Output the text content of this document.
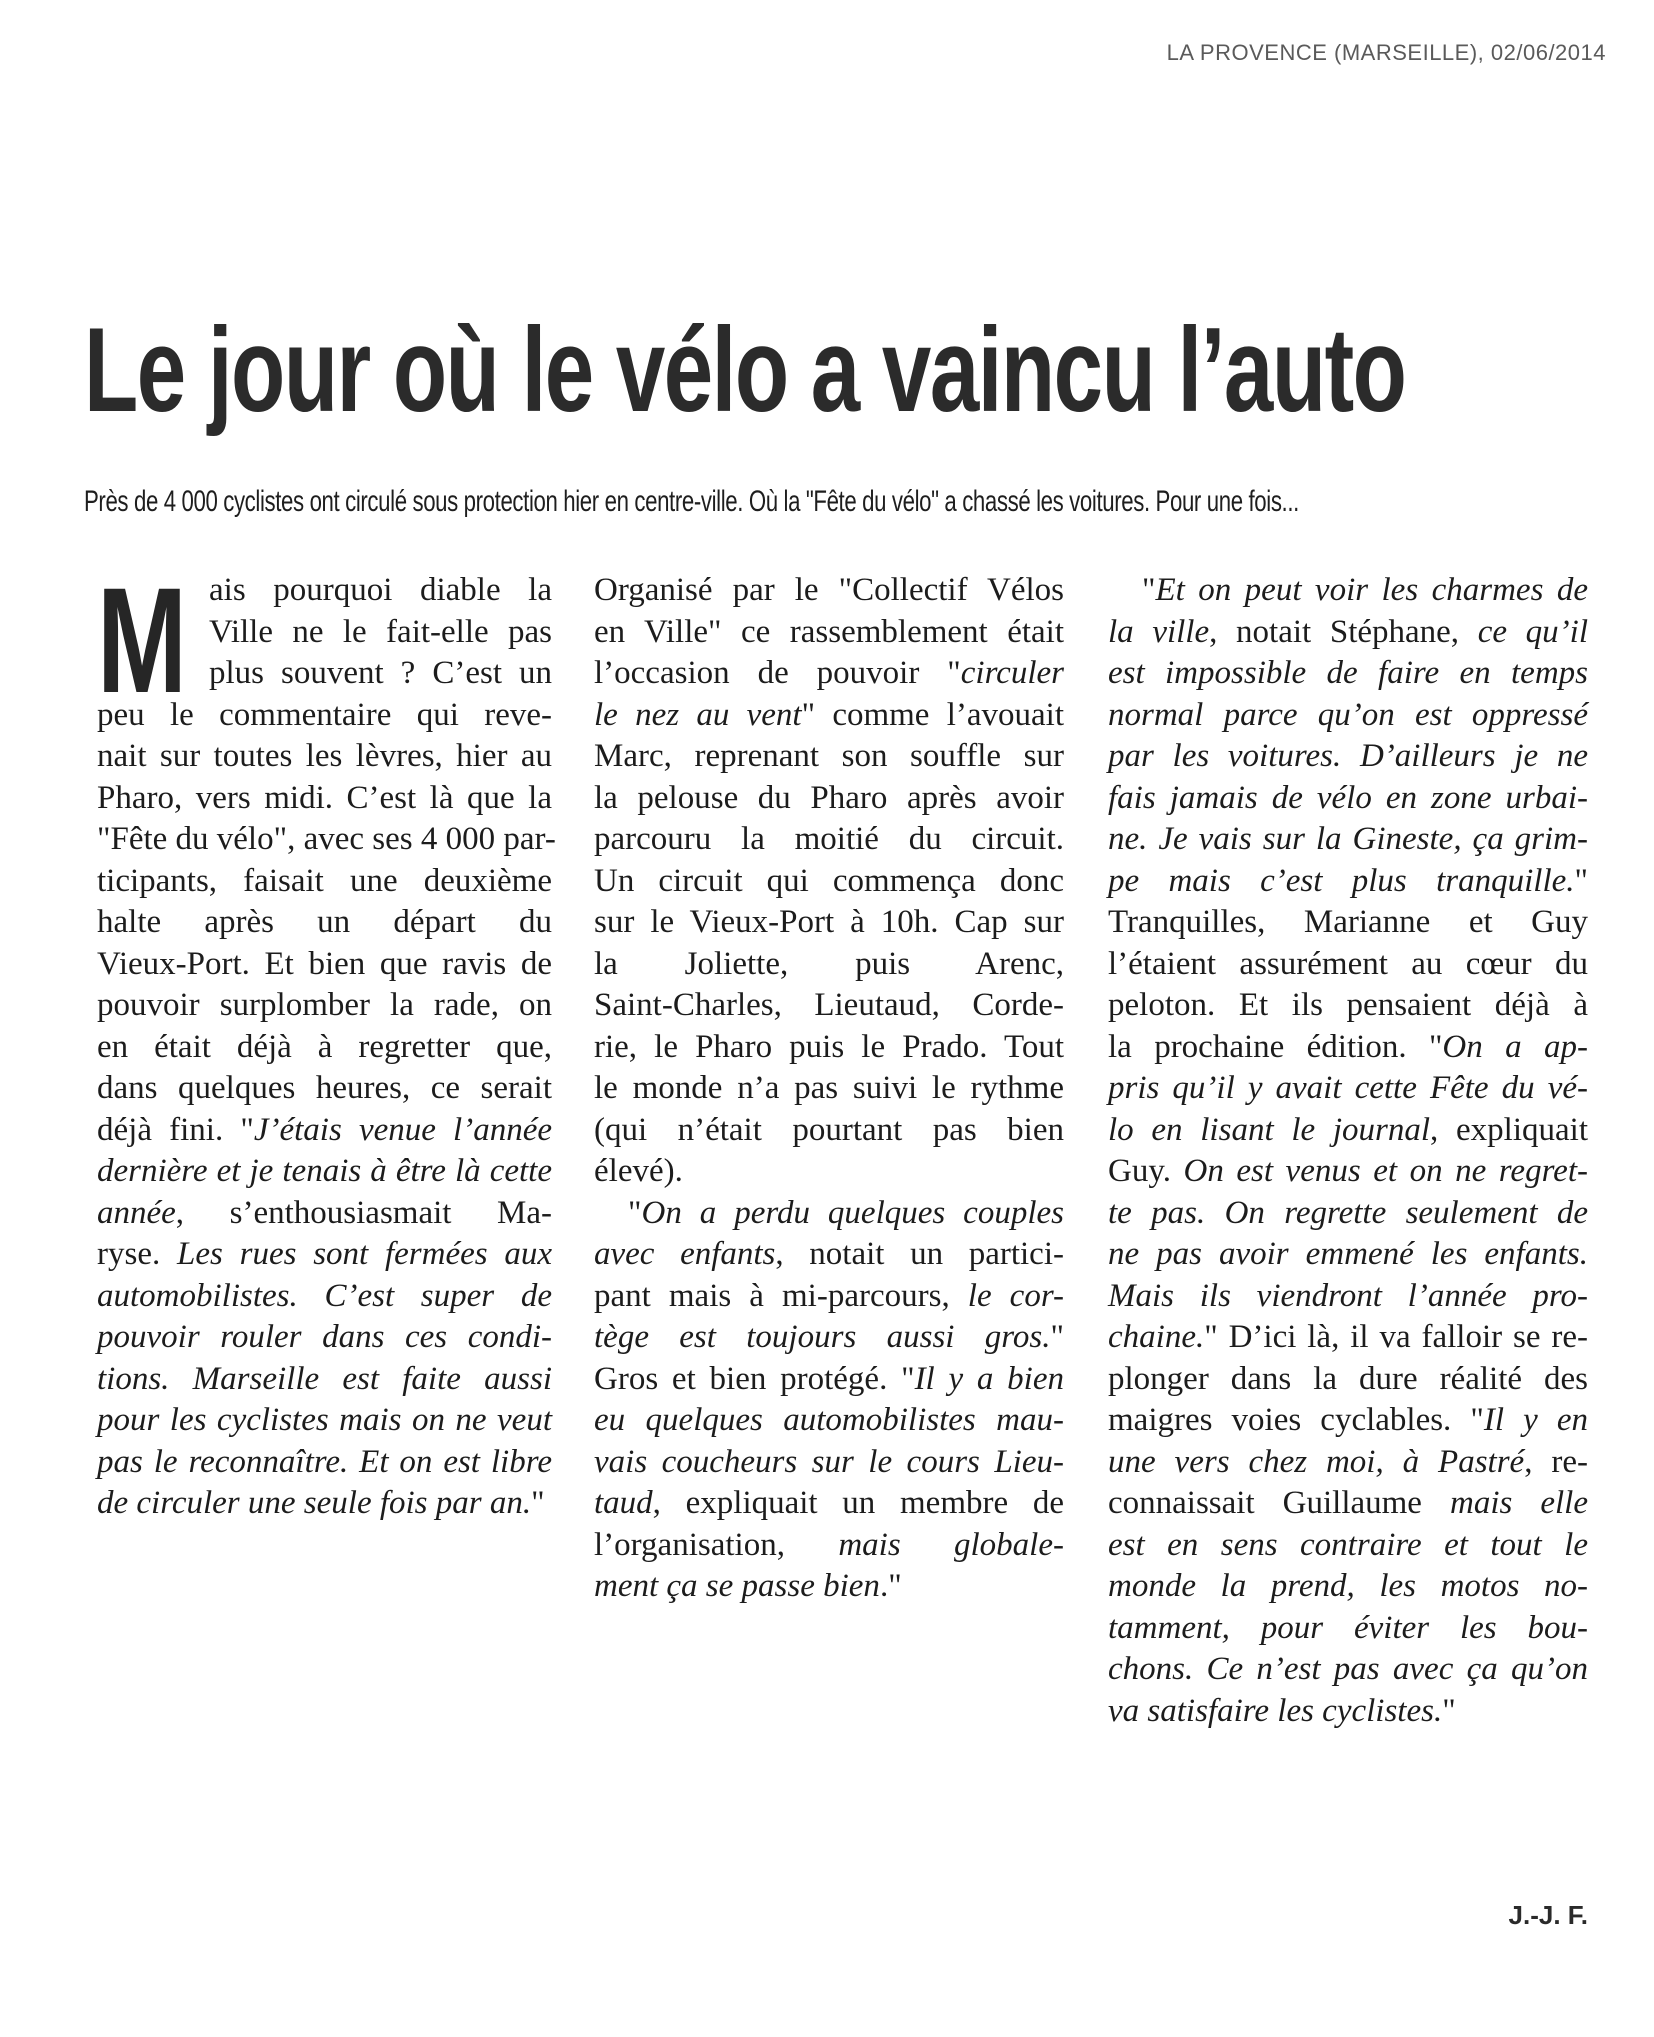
LA PROVENCE (MARSEILLE), 02/06/2014
Le jour où le vélo a vaincu l’auto
Près de 4 000 cyclistes ont circulé sous protection hier en centre-ville. Où la "Fête du vélo" a chassé les voitures. Pour une fois...
M ais pourquoi diable la
Ville ne le fait-elle pas
plus souvent ? C’est un
peu le commentaire qui reve-
nait sur toutes les lèvres, hier au
Pharo, vers midi. C’est là que la
"Fête du vélo", avec ses 4 000 par-
ticipants, faisait une deuxième
halte après un départ du
Vieux-Port. Et bien que ravis de
pouvoir surplomber la rade, on
en était déjà à regretter que,
dans quelques heures, ce serait
déjà fini. "J’étais venue l’année
dernière et je tenais à être là cette
année, s’enthousiasmait Ma-
ryse. Les rues sont fermées aux
automobilistes. C’est super de
pouvoir rouler dans ces condi-
tions. Marseille est faite aussi
pour les cyclistes mais on ne veut
pas le reconnaître. Et on est libre
de circuler une seule fois par an."
Organisé par le "Collectif Vélos
en Ville" ce rassemblement était
l’occasion de pouvoir "circuler
le nez au vent" comme l’avouait
Marc, reprenant son souffle sur
la pelouse du Pharo après avoir
parcouru la moitié du circuit.
Un circuit qui commença donc
sur le Vieux-Port à 10h. Cap sur
la Joliette, puis Arenc,
Saint-Charles, Lieutaud, Corde-
rie, le Pharo puis le Prado. Tout
le monde n’a pas suivi le rythme
(qui n’était pourtant pas bien
élevé).
"On a perdu quelques couples
avec enfants, notait un partici-
pant mais à mi-parcours, le cor-
tège est toujours aussi gros."
Gros et bien protégé. "Il y a bien
eu quelques automobilistes mau-
vais coucheurs sur le cours Lieu-
taud, expliquait un membre de
l’organisation, mais globale-
ment ça se passe bien."
"Et on peut voir les charmes de
la ville, notait Stéphane, ce qu’il
est impossible de faire en temps
normal parce qu’on est oppressé
par les voitures. D’ailleurs je ne
fais jamais de vélo en zone urbai-
ne. Je vais sur la Gineste, ça grim-
pe mais c’est plus tranquille."
Tranquilles, Marianne et Guy
l’étaient assurément au cœur du
peloton. Et ils pensaient déjà à
la prochaine édition. "On a ap-
pris qu’il y avait cette Fête du vé-
lo en lisant le journal, expliquait
Guy. On est venus et on ne regret-
te pas. On regrette seulement de
ne pas avoir emmené les enfants.
Mais ils viendront l’année pro-
chaine." D’ici là, il va falloir se re-
plonger dans la dure réalité des
maigres voies cyclables. "Il y en
une vers chez moi, à Pastré, re-
connaissait Guillaume mais elle
est en sens contraire et tout le
monde la prend, les motos no-
tamment, pour éviter les bou-
chons. Ce n’est pas avec ça qu’on
va satisfaire les cyclistes."
J.-J. F.
